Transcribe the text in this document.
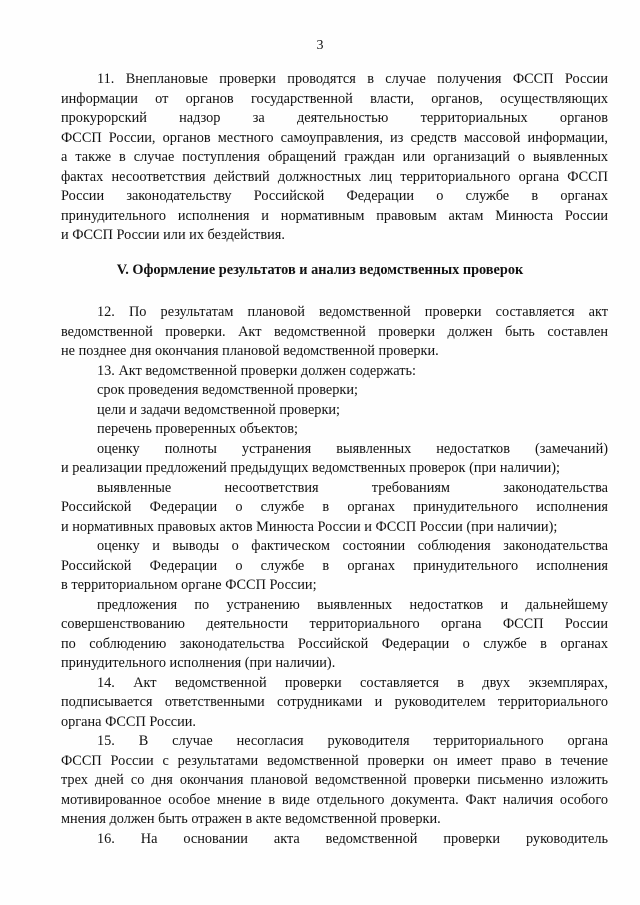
3

11. Внеплановые проверки проводятся в случае получения ФССП России

информации от органов государственной власти, органов, осуществляющих

прокурорский надзор за деятельностью территориальных органов

ФССП России, органов местного самоуправления, из средств массовой информации,

а также в случае поступления обращений граждан или организаций о выявленных

фактах несоответствия действий должностных лиц территориального органа ФССП

России законодательству Российской Федерации о службе в органах

принудительного исполнения и нормативным правовым актам Минюста России

и ФССП России или их бездействия.

V. Оформление результатов и анализ ведомственных проверок

12. По результатам плановой ведомственной проверки составляется акт

ведомственной проверки. Акт ведомственной проверки должен быть составлен

не позднее дня окончания плановой ведомственной проверки.

13. Акт ведомственной проверки должен содержать:

срок проведения ведомственной проверки;

цели и задачи ведомственной проверки;

перечень проверенных объектов;

оценку полноты устранения выявленных недостатков (замечаний)

и реализации предложений предыдущих ведомственных проверок (при наличии);

выявленные несоответствия требованиям законодательства

Российской Федерации о службе в органах принудительного исполнения

и нормативных правовых актов Минюста России и ФССП России (при наличии);

оценку и выводы о фактическом состоянии соблюдения законодательства

Российской Федерации о службе в органах принудительного исполнения

в территориальном органе ФССП России;

предложения по устранению выявленных недостатков и дальнейшему

совершенствованию деятельности территориального органа ФССП России

по соблюдению законодательства Российской Федерации о службе в органах

принудительного исполнения (при наличии).

14. Акт ведомственной проверки составляется в двух экземплярах,

подписывается ответственными сотрудниками и руководителем территориального

органа ФССП России.

15. В случае несогласия руководителя территориального органа

ФССП России с результатами ведомственной проверки он имеет право в течение

трех дней со дня окончания плановой ведомственной проверки письменно изложить

мотивированное особое мнение в виде отдельного документа. Факт наличия особого

мнения должен быть отражен в акте ведомственной проверки.

16. На основании акта ведомственной проверки руководитель
